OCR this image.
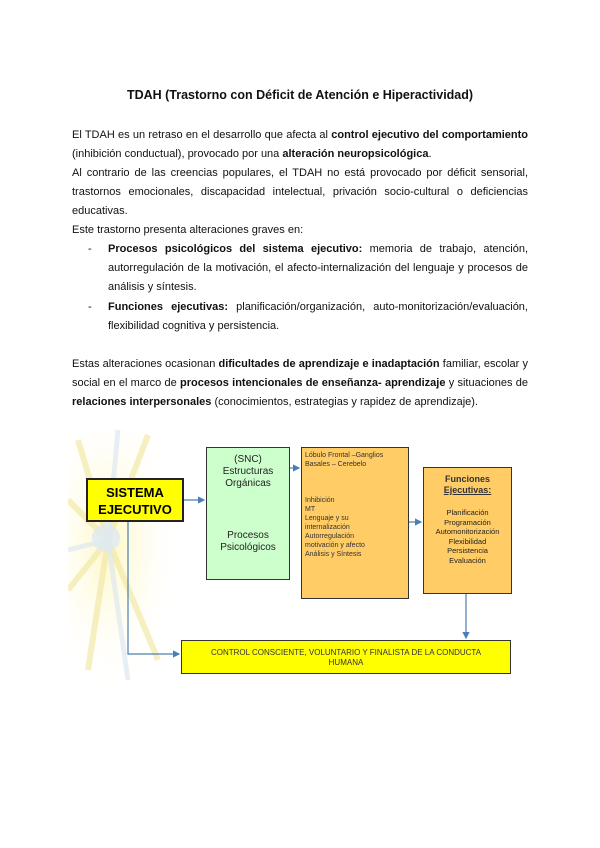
TDAH (Trastorno con Déficit de Atención e Hiperactividad)
El TDAH es un retraso en el desarrollo que afecta al control ejecutivo del comportamiento (inhibición conductual), provocado por una alteración neuropsicológica.
Al contrario de las creencias populares, el TDAH no está provocado por déficit sensorial, trastornos emocionales, discapacidad intelectual, privación socio-cultural o deficiencias educativas.
Este trastorno presenta alteraciones graves en:
- Procesos psicológicos del sistema ejecutivo: memoria de trabajo, atención, autorregulación de la motivación, el afecto-internalización del lenguaje y procesos de análisis y síntesis.
- Funciones ejecutivas: planificación/organización, auto-monitorización/evaluación, flexibilidad cognitiva y persistencia.
Estas alteraciones ocasionan dificultades de aprendizaje e inadaptación familiar, escolar y social en el marco de procesos intencionales de enseñanza- aprendizaje y situaciones de relaciones interpersonales (conocimientos, estrategias y rapidez de aprendizaje).
SISTEMA
EJECUTIVO
(SNC)
Estructuras
Orgánicas
Procesos
Psicológicos
Lóbulo Frontal –Ganglios
Basales – Cerebelo
Inhibición
MT
Lenguaje y su
internalización
Autorregulación
motivación y afecto
Análisis y Síntesis
Funciones
Ejecutivas:
Planificación
Programación
Automonitorización
Flexibilidad
Persistencia
Evaluación
CONTROL CONSCIENTE, VOLUNTARIO Y FINALISTA DE LA CONDUCTA
HUMANA
